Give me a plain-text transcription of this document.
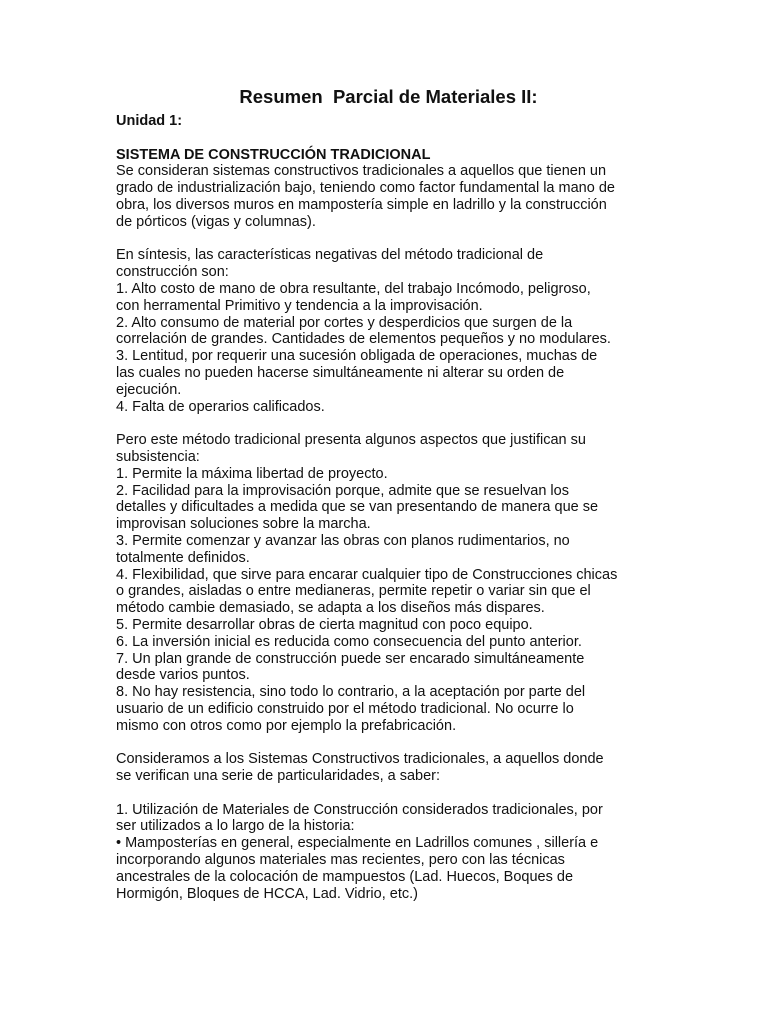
Resumen  Parcial de Materiales II:
Unidad 1:
SISTEMA DE CONSTRUCCIÓN TRADICIONAL
Se consideran sistemas constructivos tradicionales a aquellos que tienen un
grado de industrialización bajo, teniendo como factor fundamental la mano de
obra, los diversos muros en mampostería simple en ladrillo y la construcción
de pórticos (vigas y columnas).
En síntesis, las características negativas del método tradicional de
construcción son:
1. Alto costo de mano de obra resultante, del trabajo Incómodo, peligroso,
con herramental Primitivo y tendencia a la improvisación.
2. Alto consumo de material por cortes y desperdicios que surgen de la
correlación de grandes. Cantidades de elementos pequeños y no modulares.
3. Lentitud, por requerir una sucesión obligada de operaciones, muchas de
las cuales no pueden hacerse simultáneamente ni alterar su orden de
ejecución.
4. Falta de operarios calificados.
Pero este método tradicional presenta algunos aspectos que justifican su
subsistencia:
1. Permite la máxima libertad de proyecto.
2. Facilidad para la improvisación porque, admite que se resuelvan los
detalles y dificultades a medida que se van presentando de manera que se
improvisan soluciones sobre la marcha.
3. Permite comenzar y avanzar las obras con planos rudimentarios, no
totalmente definidos.
4. Flexibilidad, que sirve para encarar cualquier tipo de Construcciones chicas
o grandes, aisladas o entre medianeras, permite repetir o variar sin que el
método cambie demasiado, se adapta a los diseños más dispares.
5. Permite desarrollar obras de cierta magnitud con poco equipo.
6. La inversión inicial es reducida como consecuencia del punto anterior.
7. Un plan grande de construcción puede ser encarado simultáneamente
desde varios puntos.
8. No hay resistencia, sino todo lo contrario, a la aceptación por parte del
usuario de un edificio construido por el método tradicional. No ocurre lo
mismo con otros como por ejemplo la prefabricación.
Consideramos a los Sistemas Constructivos tradicionales, a aquellos donde
se verifican una serie de particularidades, a saber:
1. Utilización de Materiales de Construcción considerados tradicionales, por
ser utilizados a lo largo de la historia:
• Mamposterías en general, especialmente en Ladrillos comunes , sillería e
incorporando algunos materiales mas recientes, pero con las técnicas
ancestrales de la colocación de mampuestos (Lad. Huecos, Boques de
Hormigón, Bloques de HCCA, Lad. Vidrio, etc.)
